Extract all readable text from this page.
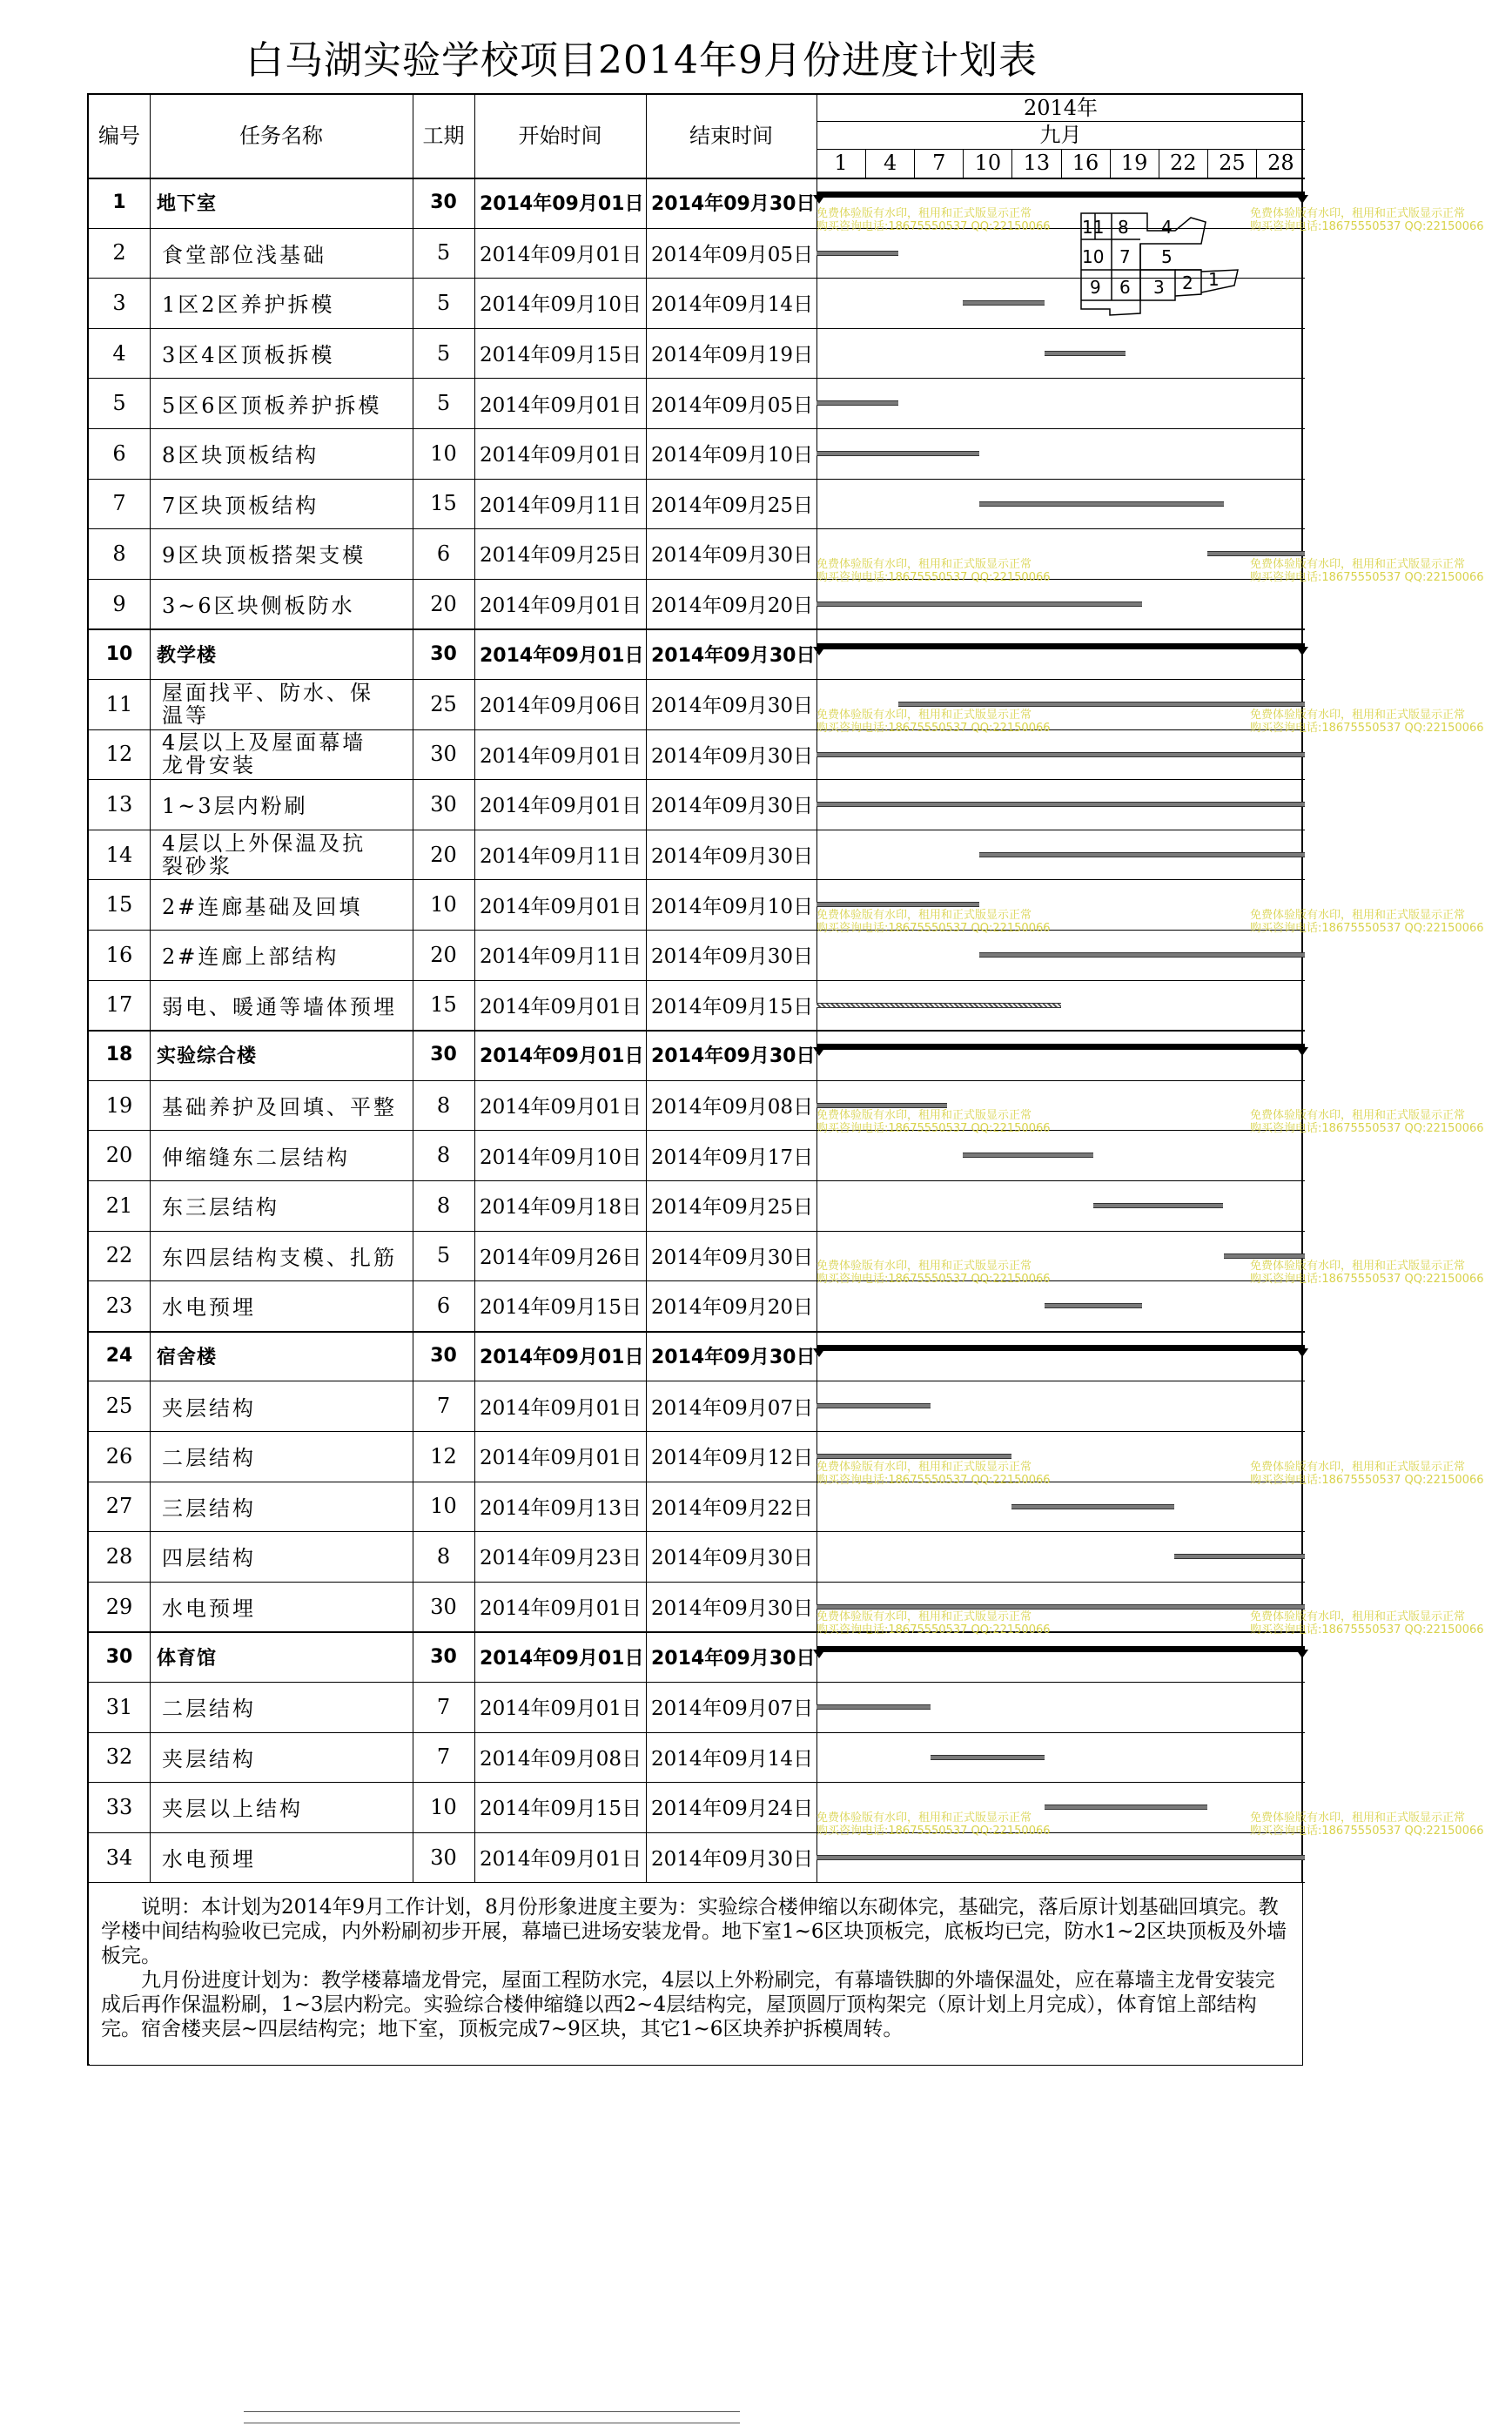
白马湖实验学校项目2014年9月份进度计划表
编号	任务名称	工期	开始时间	结束时间
2014年
九月
1	4	7	10	13	16	19	22	25	28
1 地下室	30 2014年09月01日 2014年09月30日
2 食堂部位浅基础	5 2014年09月01日 2014年09月05日
3 1区2区养护拆模	5 2014年09月10日 2014年09月14日
4 3区4区顶板拆模	5 2014年09月15日 2014年09月19日
5 5区6区顶板养护拆模	5 2014年09月01日 2014年09月05日
6 8区块顶板结构	10 2014年09月01日 2014年09月10日
7 7区块顶板结构	15 2014年09月11日 2014年09月25日
8 9区块顶板搭架支模	6 2014年09月25日 2014年09月30日
9 3~6区块侧板防水	20 2014年09月01日 2014年09月20日
10 教学楼	30 2014年09月01日 2014年09月30日
11 屋面找平、防水、保温等	25 2014年09月06日 2014年09月30日
12 4层以上及屋面幕墙龙骨安装	30 2014年09月01日 2014年09月30日
13 1~3层内粉刷	30 2014年09月01日 2014年09月30日
14 4层以上外保温及抗裂砂浆	20 2014年09月11日 2014年09月30日
15 2#连廊基础及回填	10 2014年09月01日 2014年09月10日
16 2#连廊上部结构	20 2014年09月11日 2014年09月30日
17 弱电、暖通等墙体预埋 15 2014年09月01日 2014年09月15日
18 实验综合楼	30 2014年09月01日 2014年09月30日
19 基础养护及回填、平整 8 2014年09月01日 2014年09月08日
20 伸缩缝东二层结构	8 2014年09月10日 2014年09月17日
21 东三层结构	8 2014年09月18日 2014年09月25日
22 东四层结构支模、扎筋 5 2014年09月26日 2014年09月30日
23 水电预埋	6 2014年09月15日 2014年09月20日
24 宿舍楼	30 2014年09月01日 2014年09月30日
25 夹层结构	7 2014年09月01日 2014年09月07日
26 二层结构	12 2014年09月01日 2014年09月12日
27 三层结构	10 2014年09月13日 2014年09月22日
28 四层结构	8 2014年09月23日 2014年09月30日
29 水电预埋	30 2014年09月01日 2014年09月30日
30 体育馆	30 2014年09月01日 2014年09月30日
31 二层结构	7 2014年09月01日 2014年09月07日
32 夹层结构	7 2014年09月08日 2014年09月14日
33 夹层以上结构	10 2014年09月15日 2014年09月24日
34 水电预埋	30 2014年09月01日 2014年09月30日
11 8 4
10 7 5
9 6 3 2 1

说明：本计划为2014年9月工作计划，8月份形象进度主要为：实验综合楼伸缩以东砌体完，基础完，落后原计划基础回填完。教学楼中间结构验收已完成，内外粉刷初步开展，幕墙已进场安装龙骨。地下室1~6区块顶板完，底板均已完，防水1~2区块顶板及外墙板完。

九月份进度计划为：教学楼幕墙龙骨完，屋面工程防水完，4层以上外粉刷完，有幕墙铁脚的外墙保温处，应在幕墙主龙骨安装完成后再作保温粉刷，1~3层内粉完。实验综合楼伸缩缝以西2~4层结构完，屋顶圆厅顶构架完（原计划上月完成），体育馆上部结构完。宿舍楼夹层~四层结构完；地下室，顶板完成7~9区块，其它1~6区块养护拆模周转。

免费体验版有水印，租用和正式版显示正常
购买咨询电话:18675550537 QQ:22150066
免费体验版有水印，租用和正式版显示正常
购买咨询电话:18675550537 QQ:22150066
免费体验版有水印，租用和正式版显示正常
购买咨询电话:18675550537 QQ:22150066
免费体验版有水印，租用和正式版显示正常
购买咨询电话:18675550537 QQ:22150066
免费体验版有水印，租用和正式版显示正常
购买咨询电话:18675550537 QQ:22150066
免费体验版有水印，租用和正式版显示正常
购买咨询电话:18675550537 QQ:22150066
免费体验版有水印，租用和正式版显示正常
购买咨询电话:18675550537 QQ:22150066
免费体验版有水印，租用和正式版显示正常
购买咨询电话:18675550537 QQ:22150066
免费体验版有水印，租用和正式版显示正常
购买咨询电话:18675550537 QQ:22150066
免费体验版有水印，租用和正式版显示正常
购买咨询电话:18675550537 QQ:22150066
免费体验版有水印，租用和正式版显示正常
购买咨询电话:18675550537 QQ:22150066
免费体验版有水印，租用和正式版显示正常
购买咨询电话:18675550537 QQ:22150066
免费体验版有水印，租用和正式版显示正常
购买咨询电话:18675550537 QQ:22150066
免费体验版有水印，租用和正式版显示正常
购买咨询电话:18675550537 QQ:22150066
免费体验版有水印，租用和正式版显示正常
购买咨询电话:18675550537 QQ:22150066
免费体验版有水印，租用和正式版显示正常
购买咨询电话:18675550537 QQ:22150066
免费体验版有水印，租用和正式版显示正常
购买咨询电话:18675550537 QQ:22150066
免费体验版有水印，租用和正式版显示正常
购买咨询电话:18675550537 QQ:22150066
